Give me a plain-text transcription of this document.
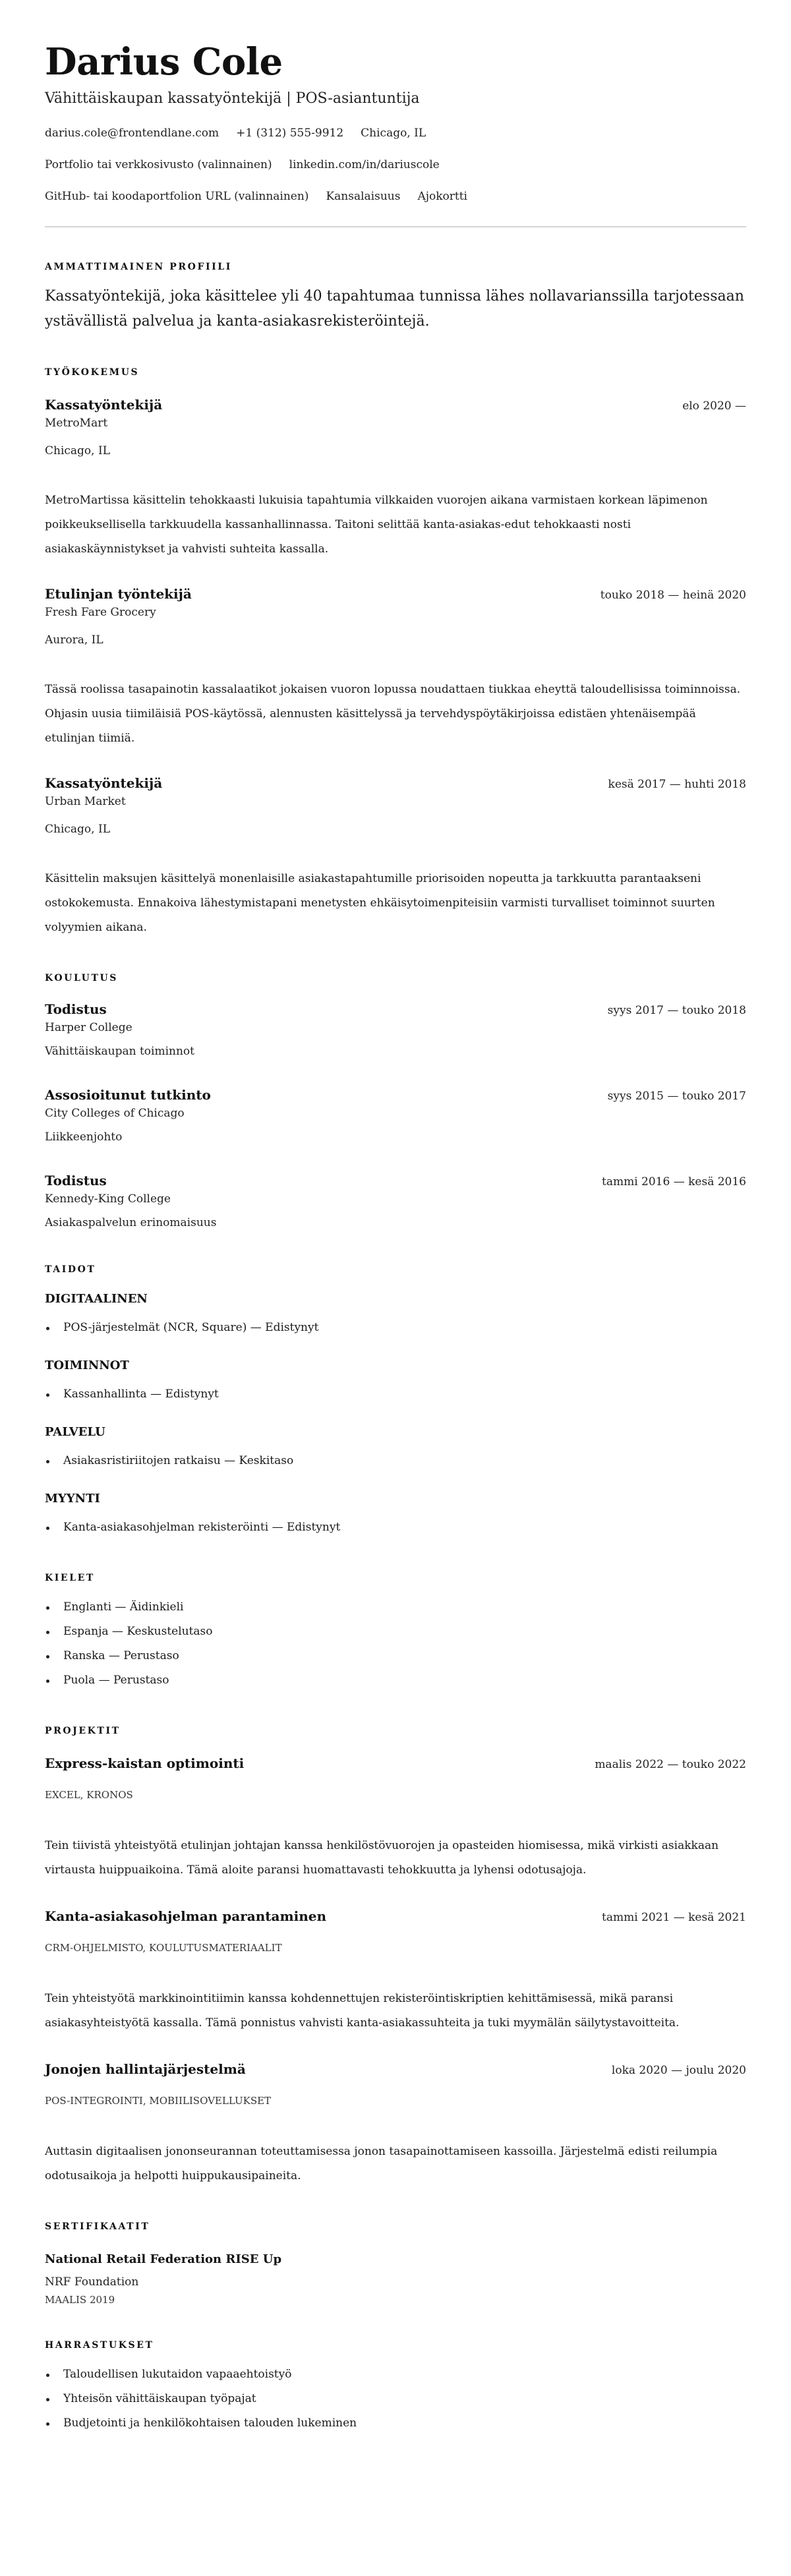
Darius Cole
Vähittäiskaupan kassatyöntekijä | POS-asiantuntija
darius.cole@frontendlane.com +1 (312) 555-9912 Chicago, IL
Portfolio tai verkkosivusto (valinnainen) linkedin.com/in/dariuscole
GitHub- tai koodaportfolion URL (valinnainen) Kansalaisuus Ajokortti
AMMATTIMAINEN PROFIILI

Kassatyöntekijä, joka käsittelee yli 40 tapahtumaa tunnissa lähes nollavarianssilla tarjotessaan ystävällistä palvelua ja kanta-asiakasrekisteröintejä.

TYÖKOKEMUS
Kassatyöntekijä	elo 2020 —
MetroMart
Chicago, IL

MetroMartissa käsittelin tehokkaasti lukuisia tapahtumia vilkkaiden vuorojen aikana varmistaen korkean läpimenon poikkeuksellisella tarkkuudella kassanhallinnassa. Taitoni selittää kanta-asiakas-edut tehokkaasti nosti asiakaskäynnistykset ja vahvisti suhteita kassalla.

Etulinjan työntekijä	touko 2018 — heinä 2020
Fresh Fare Grocery
Aurora, IL

Tässä roolissa tasapainotin kassalaatikot jokaisen vuoron lopussa noudattaen tiukkaa eheyttä taloudellisissa toiminnoissa. Ohjasin uusia tiimiläisiä POS-käytössä, alennusten käsittelyssä ja tervehdyspöytäkirjoissa edistäen yhtenäisempää etulinjan tiimiä.

Kassatyöntekijä	kesä 2017 — huhti 2018
Urban Market
Chicago, IL

Käsittelin maksujen käsittelyä monenlaisille asiakastapahtumille priorisoiden nopeutta ja tarkkuutta parantaakseni ostokokemusta. Ennakoiva lähestymistapani menetysten ehkäisytoimenpiteisiin varmisti turvalliset toiminnot suurten volyymien aikana.

KOULUTUS
Todistus	syys 2017 — touko 2018
Harper College
Vähittäiskaupan toiminnot
Assosioitunut tutkinto	syys 2015 — touko 2017
City Colleges of Chicago
Liikkeenjohto
Todistus	tammi 2016 — kesä 2016
Kennedy-King College
Asiakaspalvelun erinomaisuus
TAIDOT
DIGITAALINEN
POS-järjestelmät (NCR, Square) — Edistynyt
TOIMINNOT
Kassanhallinta — Edistynyt
PALVELU
Asiakasristiriitojen ratkaisu — Keskitaso
MYYNTI
Kanta-asiakasohjelman rekisteröinti — Edistynyt
KIELET
Englanti — Äidinkieli
Espanja — Keskustelutaso
Ranska — Perustaso
Puola — Perustaso
PROJEKTIT
Express-kaistan optimointi	maalis 2022 — touko 2022
EXCEL, KRONOS

Tein tiivistä yhteistyötä etulinjan johtajan kanssa henkilöstövuorojen ja opasteiden hiomisessa, mikä virkisti asiakkaan virtausta huippuaikoina. Tämä aloite paransi huomattavasti tehokkuutta ja lyhensi odotusajoja.

Kanta-asiakasohjelman parantaminen	tammi 2021 — kesä 2021
CRM-OHJELMISTO, KOULUTUSMATERIAALIT

Tein yhteistyötä markkinointitiimin kanssa kohdennettujen rekisteröintiskriptien kehittämisessä, mikä paransi asiakasyhteistyötä kassalla. Tämä ponnistus vahvisti kanta-asiakassuhteita ja tuki myymälän säilytystavoitteita.

Jonojen hallintajärjestelmä	loka 2020 — joulu 2020
POS-INTEGROINTI, MOBIILISOVELLUKSET

Auttasin digitaalisen jononseurannan toteuttamisessa jonon tasapainottamiseen kassoilla. Järjestelmä edisti reilumpia odotusaikoja ja helpotti huippukausipaineita.

SERTIFIKAATIT
National Retail Federation RISE Up
NRF Foundation
MAALIS 2019
HARRASTUKSET
Taloudellisen lukutaidon vapaaehtoistyö
Yhteisön vähittäiskaupan työpajat
Budjetointi ja henkilökohtaisen talouden lukeminen
